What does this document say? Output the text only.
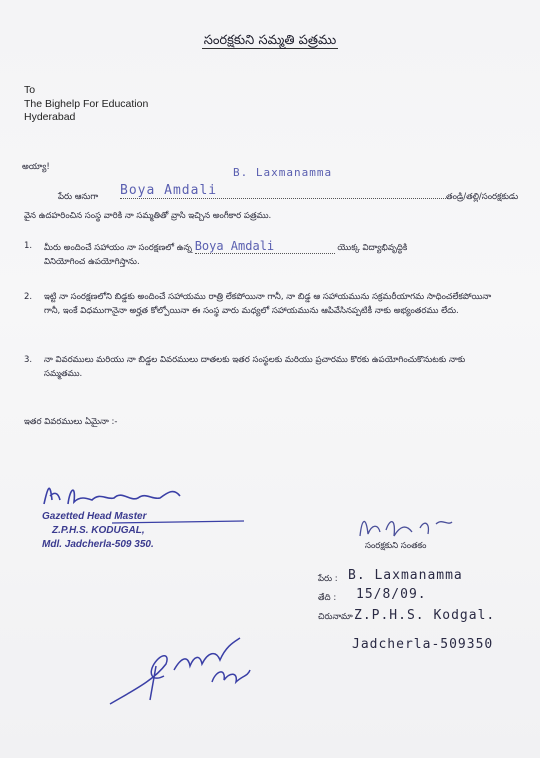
సంరక్షకుని సమ్మతి పత్రము
To
The Bighelp For Education
Hyderabad
అయ్యా!	B. Laxmanamma
పేరు ఆనుగా Boya Amdali	తండ్రి/తల్లి/సంరక్షకుడు
వైన ఉదహరించిన సంస్థ వారికి నా సమ్మతితో వ్రాసి ఇచ్చిన అంగీకార పత్రము.
1. మీరు అందించే సహాయం నా సంరక్షణలో ఉన్న Boya Amdali	యొక్క విద్యాభివృద్ధికి
వినియోగించ ఉపయోగిస్తాను.
2. ఇట్టి నా సంరక్షణలోని బిడ్డకు అందించే సహాయము రాత్రి లేకపోయినా గానీ, నా బిడ్డ ఆ సహాయమును సక్రమరీయాగమ సాధించలేకపోయినా గానీ, ఇంకే విధముగానైనా అర్హత కోల్పోయినా ఈ సంస్థ వారు మధ్యలో సహాయమును ఆపివేసినప్పటికీ నాకు అభ్యంతరము లేదు.
3. నా వివరములు మరియు నా బిడ్డల వివరములు దాతలకు ఇతర సంస్థలకు మరియు ప్రచారము కొరకు ఉపయోగించుకొనుటకు నాకు సమ్మతము.
ఇతర వివరములు ఏమైనా :-
Gazetted Head Master
Z.P.H.S. KODUGAL,
Mdl. Jadcherla-509 350.	సంరక్షకుని సంతకం
పేరు : B. Laxmanamma
తేది : 15/8/09.
చిరునామా :
Z.P.H.S. Kodgal.
Jadcherla-509350
